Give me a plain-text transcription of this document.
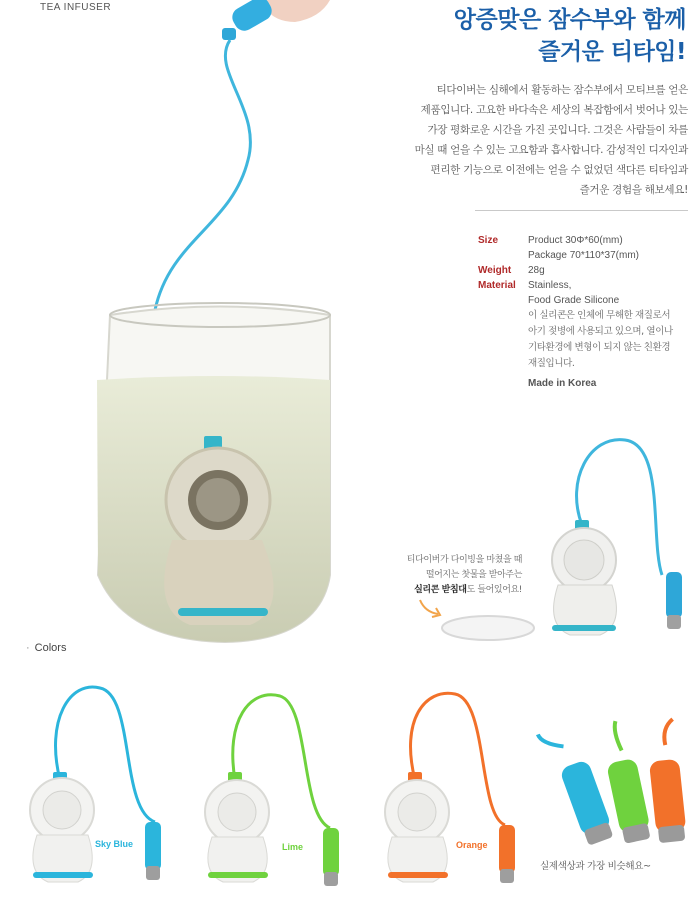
TEA INFUSER	앙증맞은 잠수부와 함께
즐거운 티타임!
티다이버는 심해에서 활동하는 잠수부에서 모티브를 얻은
제품입니다. 고요한 바다속은 세상의 복잡함에서 벗어나 있는
가장 평화로운 시간을 가진 곳입니다. 그것은 사람들이 차를
마실 때 얻을 수 있는 고요함과 흡사합니다. 감성적인 디자인과
편리한 기능으로 이전에는 얻을 수 없었던 색다른 티타임과
즐거운 경험을 해보세요!
Size	Product 30Φ*60(mm)
Package 70*110*37(mm)
Weight	28g
Material	Stainless,
Food Grade Silicone
이 실리콘은 인체에 무해한 재질로서
아기 젖병에 사용되고 있으며, 열이나
기타환경에 변형이 되지 않는 친환경
재질입니다.
Made in Korea
티다이버가 다이빙을 마쳤을 때
떨어지는 찻물을 받아주는
실리콘 받침대도 들어있어요!
· Colors
Sky Blue	Lime	Orange
실제색상과 가장 비슷해요~
